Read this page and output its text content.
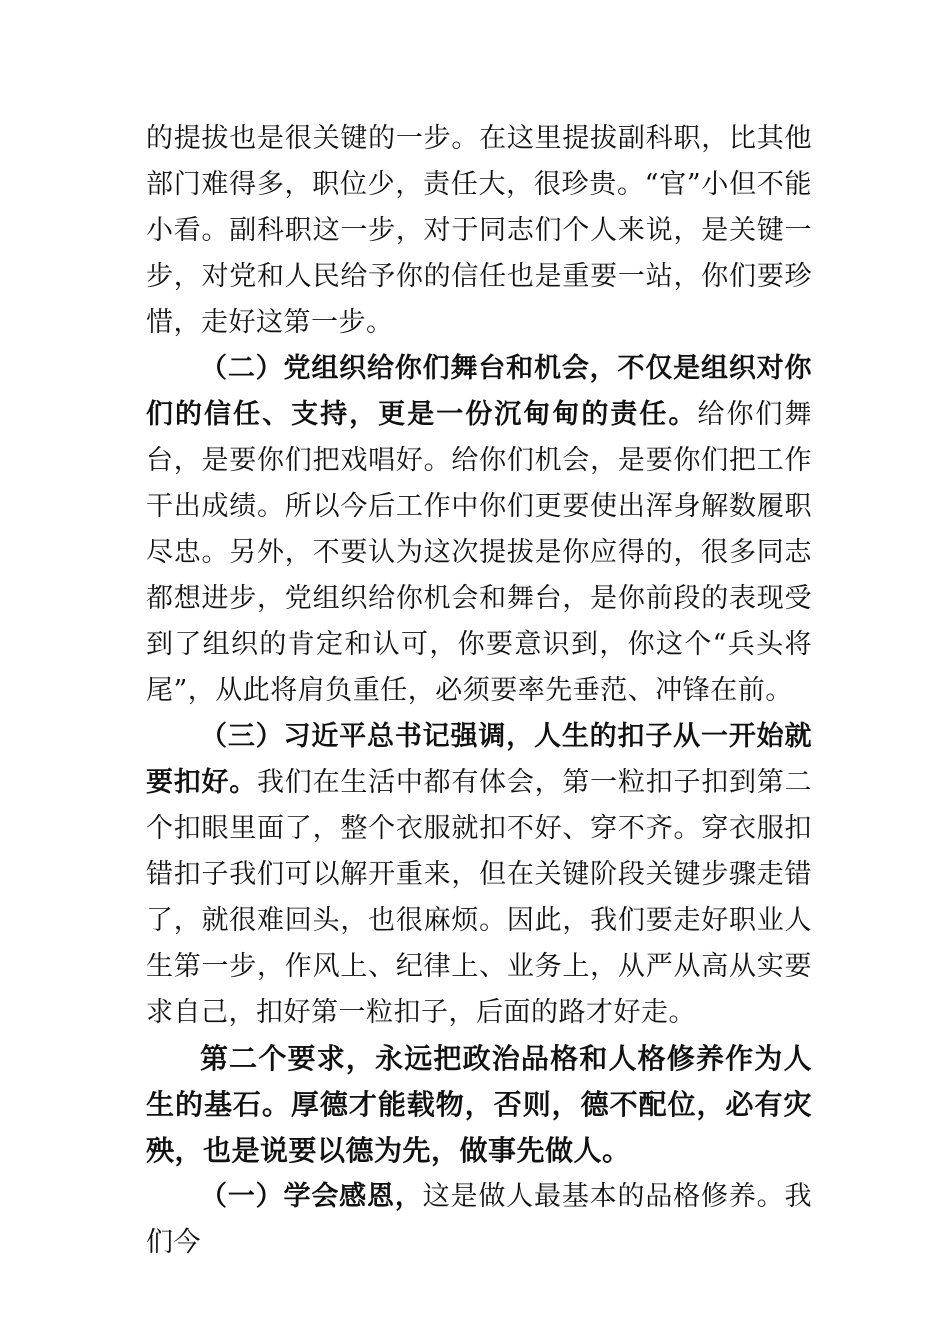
的提拔也是很关键的一步。在这里提拔副科职，比其他部门难得多，职位少，责任大，很珍贵。“官”小但不能小看。副科职这一步，对于同志们个人来说，是关键一步，对党和人民给予你的信任也是重要一站，你们要珍惜，走好这第一步。

（二）党组织给你们舞台和机会，不仅是组织对你们的信任、支持，更是一份沉甸甸的责任。给你们舞台，是要你们把戏唱好。给你们机会，是要你们把工作干出成绩。所以今后工作中你们更要使出浑身解数履职尽忠。另外，不要认为这次提拔是你应得的，很多同志都想进步，党组织给你机会和舞台，是你前段的表现受到了组织的肯定和认可，你要意识到，你这个“兵头将尾”，从此将肩负重任，必须要率先垂范、冲锋在前。

（三）习近平总书记强调，人生的扣子从一开始就要扣好。我们在生活中都有体会，第一粒扣子扣到第二个扣眼里面了，整个衣服就扣不好、穿不齐。穿衣服扣错扣子我们可以解开重来，但在关键阶段关键步骤走错了，就很难回头，也很麻烦。因此，我们要走好职业人生第一步，作风上、纪律上、业务上，从严从高从实要求自己，扣好第一粒扣子，后面的路才好走。

第二个要求，永远把政治品格和人格修养作为人生的基石。厚德才能载物，否则，德不配位，必有灾殃，也是说要以德为先，做事先做人。

（一）学会感恩，这是做人最基本的品格修养。我们今
